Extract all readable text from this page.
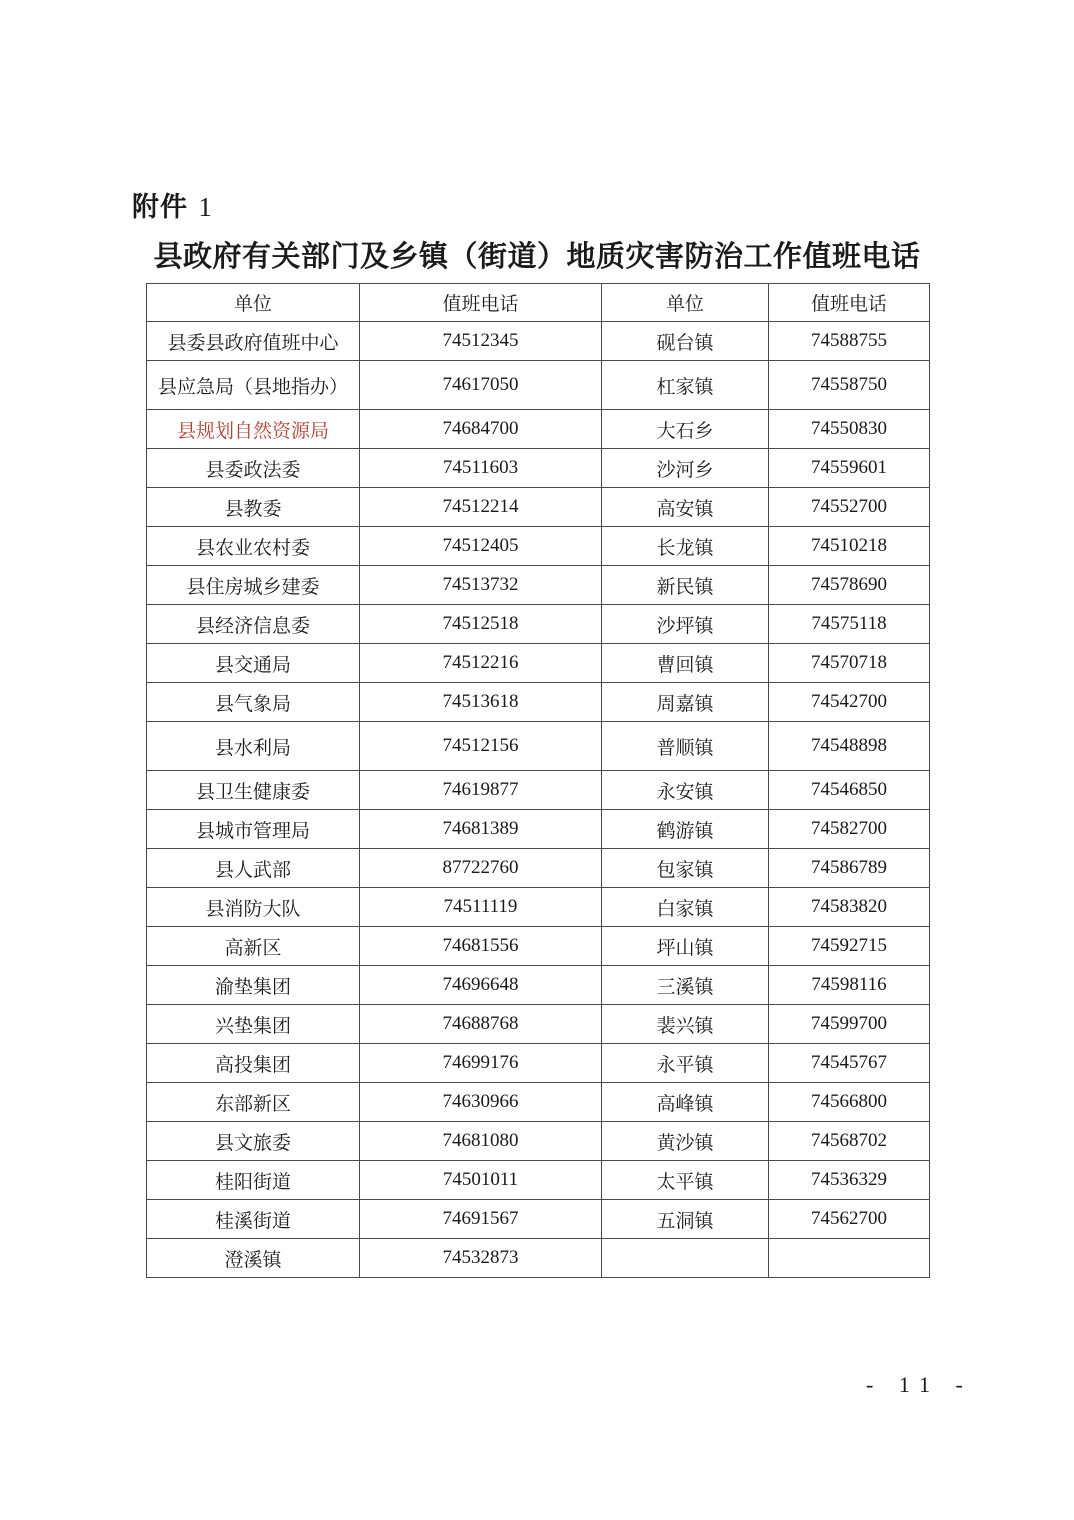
附件 1
县政府有关部门及乡镇（街道）地质灾害防治工作值班电话
单位	值班电话	单位	值班电话
县委县政府值班中心	74512345	砚台镇	74588755
县应急局（县地指办）	74617050	杠家镇	74558750
县规划自然资源局	74684700	大石乡	74550830
县委政法委	74511603	沙河乡	74559601
县教委	74512214	高安镇	74552700
县农业农村委	74512405	长龙镇	74510218
县住房城乡建委	74513732	新民镇	74578690
县经济信息委	74512518	沙坪镇	74575118
县交通局	74512216	曹回镇	74570718
县气象局	74513618	周嘉镇	74542700
县水利局	74512156	普顺镇	74548898
县卫生健康委	74619877	永安镇	74546850
县城市管理局	74681389	鹤游镇	74582700
县人武部	87722760	包家镇	74586789
县消防大队	74511119	白家镇	74583820
高新区	74681556	坪山镇	74592715
渝垫集团	74696648	三溪镇	74598116
兴垫集团	74688768	裴兴镇	74599700
高投集团	74699176	永平镇	74545767
东部新区	74630966	高峰镇	74566800
县文旅委	74681080	黄沙镇	74568702
桂阳街道	74501011	太平镇	74536329
桂溪街道	74691567	五洞镇	74562700
澄溪镇	74532873		
- 11 -
